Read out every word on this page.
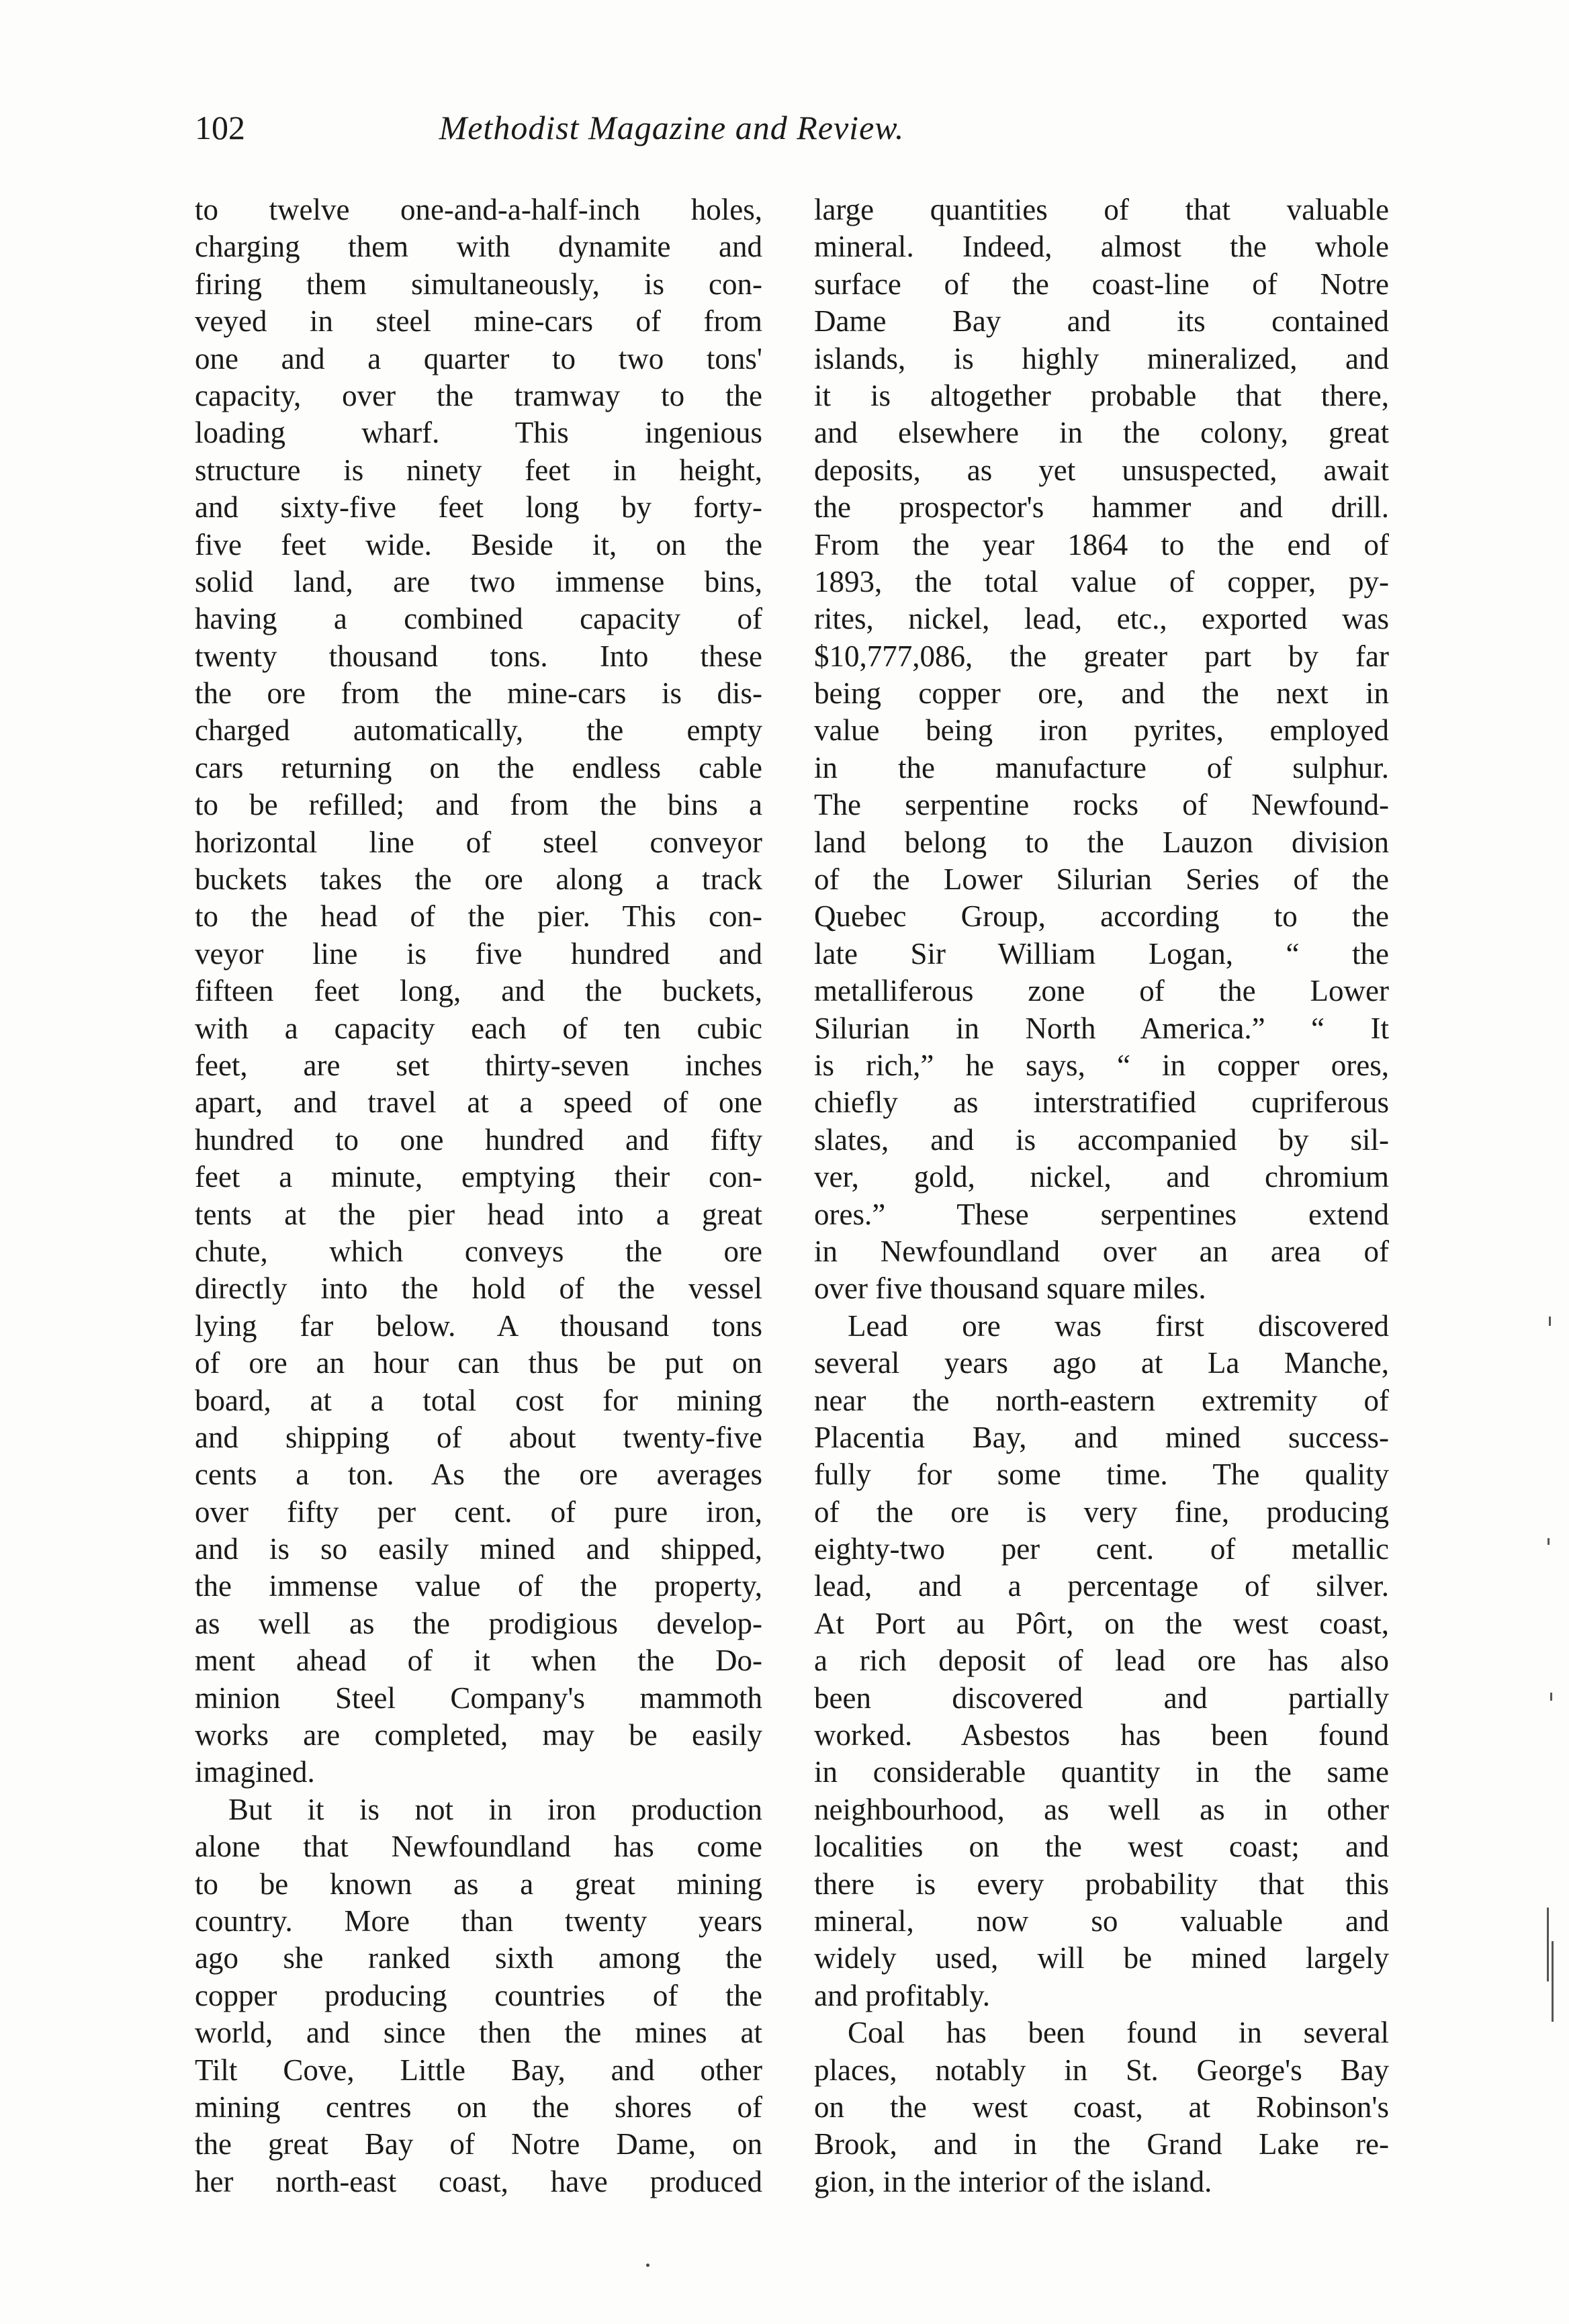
102	Methodist Magazine and Review.
to twelve one-and-a-half-inch holes,
charging them with dynamite and
firing them simultaneously, is con-
veyed in steel mine-cars of from
one and a quarter to two tons'
capacity, over the tramway to the
loading wharf. This ingenious
structure is ninety feet in height,
and sixty-five feet long by forty-
five feet wide. Beside it, on the
solid land, are two immense bins,
having a combined capacity of
twenty thousand tons. Into these
the ore from the mine-cars is dis-
charged automatically, the empty
cars returning on the endless cable
to be refilled; and from the bins a
horizontal line of steel conveyor
buckets takes the ore along a track
to the head of the pier. This con-
veyor line is five hundred and
fifteen feet long, and the buckets,
with a capacity each of ten cubic
feet, are set thirty-seven inches
apart, and travel at a speed of one
hundred to one hundred and fifty
feet a minute, emptying their con-
tents at the pier head into a great
chute, which conveys the ore
directly into the hold of the vessel
lying far below. A thousand tons
of ore an hour can thus be put on
board, at a total cost for mining
and shipping of about twenty-five
cents a ton. As the ore averages
over fifty per cent. of pure iron,
and is so easily mined and shipped,
the immense value of the property,
as well as the prodigious develop-
ment ahead of it when the Do-
minion Steel Company's mammoth
works are completed, may be easily
imagined.
But it is not in iron production
alone that Newfoundland has come
to be known as a great mining
country. More than twenty years
ago she ranked sixth among the
copper producing countries of the
world, and since then the mines at
Tilt Cove, Little Bay, and other
mining centres on the shores of
the great Bay of Notre Dame, on
her north-east coast, have produced
large quantities of that valuable
mineral. Indeed, almost the whole
surface of the coast-line of Notre
Dame Bay and its contained
islands, is highly mineralized, and
it is altogether probable that there,
and elsewhere in the colony, great
deposits, as yet unsuspected, await
the prospector's hammer and drill.
From the year 1864 to the end of
1893, the total value of copper, py-
rites, nickel, lead, etc., exported was
$10,777,086, the greater part by far
being copper ore, and the next in
value being iron pyrites, employed
in the manufacture of sulphur.
The serpentine rocks of Newfound-
land belong to the Lauzon division
of the Lower Silurian Series of the
Quebec Group, according to the
late Sir William Logan, “ the
metalliferous zone of the Lower
Silurian in North America.” “ It
is rich,” he says, “ in copper ores,
chiefly as interstratified cupriferous
slates, and is accompanied by sil-
ver, gold, nickel, and chromium
ores.” These serpentines extend
in Newfoundland over an area of
over five thousand square miles.
Lead ore was first discovered
several years ago at La Manche,
near the north-eastern extremity of
Placentia Bay, and mined success-
fully for some time. The quality
of the ore is very fine, producing
eighty-two per cent. of metallic
lead, and a percentage of silver.
At Port au Pôrt, on the west coast,
a rich deposit of lead ore has also
been discovered and partially
worked. Asbestos has been found
in considerable quantity in the same
neighbourhood, as well as in other
localities on the west coast; and
there is every probability that this
mineral, now so valuable and
widely used, will be mined largely
and profitably.
Coal has been found in several
places, notably in St. George's Bay
on the west coast, at Robinson's
Brook, and in the Grand Lake re-
gion, in the interior of the island.
